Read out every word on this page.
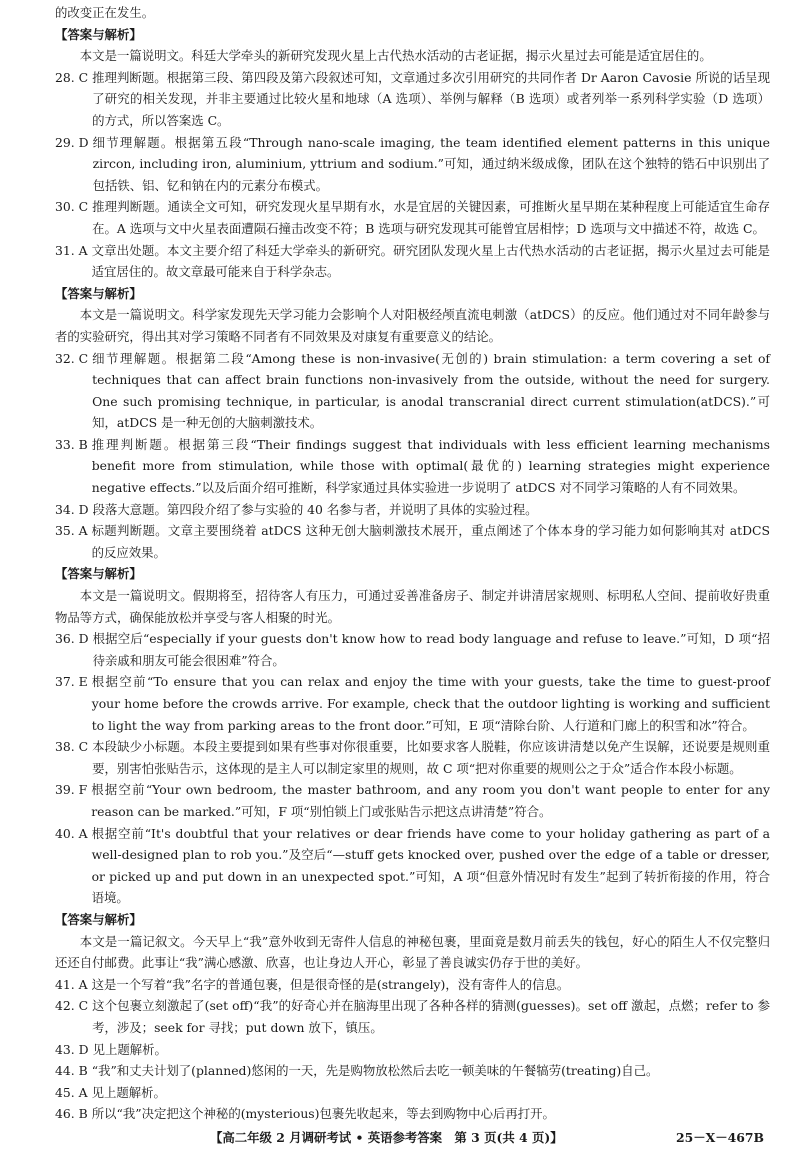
的改变正在发生。

【答案与解析】

本文是一篇说明文。科廷大学牵头的新研究发现火星上古代热水活动的古老证据，揭示火星过去可能是适宜居住的。

28. C 推理判断题。根据第三段、第四段及第六段叙述可知，文章通过多次引用研究的共同作者 Dr Aaron Cavosie 所说的话呈现了研究的相关发现，并非主要通过比较火星和地球（A 选项）、举例与解释（B 选项）或者列举一系列科学实验（D 选项）的方式，所以答案选 C。
29. D 细节理解题。根据第五段“Through nano-scale imaging, the team identified element patterns in this unique zircon, including iron, aluminium, yttrium and sodium.”可知，通过纳米级成像，团队在这个独特的锆石中识别出了包括铁、铝、钇和钠在内的元素分布模式。
30. C 推理判断题。通读全文可知，研究发现火星早期有水，水是宜居的关键因素，可推断火星早期在某种程度上可能适宜生命存在。A 选项与文中火星表面遭陨石撞击改变不符；B 选项与研究发现其可能曾宜居相悖；D 选项与文中描述不符，故选 C。
31. A 文章出处题。本文主要介绍了科廷大学牵头的新研究。研究团队发现火星上古代热水活动的古老证据，揭示火星过去可能是适宜居住的。故文章最可能来自于科学杂志。

【答案与解析】

本文是一篇说明文。科学家发现先天学习能力会影响个人对阳极经颅直流电刺激（atDCS）的反应。他们通过对不同年龄参与者的实验研究，得出其对学习策略不同者有不同效果及对康复有重要意义的结论。

32. C 细节理解题。根据第二段“Among these is non-invasive(无创的) brain stimulation: a term covering a set of techniques that can affect brain functions non-invasively from the outside, without the need for surgery. One such promising technique, in particular, is anodal transcranial direct current stimulation(atDCS).”可知，atDCS 是一种无创的大脑刺激技术。
33. B 推理判断题。根据第三段“Their findings suggest that individuals with less efficient learning mechanisms benefit more from stimulation, while those with optimal(最优的) learning strategies might experience negative effects.”以及后面介绍可推断，科学家通过具体实验进一步说明了 atDCS 对不同学习策略的人有不同效果。
34. D 段落大意题。第四段介绍了参与实验的 40 名参与者，并说明了具体的实验过程。
35. A 标题判断题。文章主要围绕着 atDCS 这种无创大脑刺激技术展开，重点阐述了个体本身的学习能力如何影响其对 atDCS 的反应效果。

【答案与解析】

本文是一篇说明文。假期将至，招待客人有压力，可通过妥善准备房子、制定并讲清居家规则、标明私人空间、提前收好贵重物品等方式，确保能放松并享受与客人相聚的时光。

36. D 根据空后“especially if your guests don't know how to read body language and refuse to leave.”可知，D 项“招待亲戚和朋友可能会很困难”符合。
37. E 根据空前“To ensure that you can relax and enjoy the time with your guests, take the time to guest-proof your home before the crowds arrive. For example, check that the outdoor lighting is working and sufficient to light the way from parking areas to the front door.”可知，E 项“清除台阶、人行道和门廊上的积雪和冰”符合。
38. C 本段缺少小标题。本段主要提到如果有些事对你很重要，比如要求客人脱鞋，你应该讲清楚以免产生误解，还说要是规则重要，别害怕张贴告示，这体现的是主人可以制定家里的规则，故 C 项“把对你重要的规则公之于众”适合作本段小标题。
39. F 根据空前“Your own bedroom, the master bathroom, and any room you don't want people to enter for any reason can be marked.”可知，F 项“别怕锁上门或张贴告示把这点讲清楚”符合。
40. A 根据空前“It's doubtful that your relatives or dear friends have come to your holiday gathering as part of a well-designed plan to rob you.”及空后“—stuff gets knocked over, pushed over the edge of a table or dresser, or picked up and put down in an unexpected spot.”可知，A 项“但意外情况时有发生”起到了转折衔接的作用，符合语境。

【答案与解析】

本文是一篇记叙文。今天早上“我”意外收到无寄件人信息的神秘包裹，里面竟是数月前丢失的钱包，好心的陌生人不仅完整归还还自付邮费。此事让“我”满心感激、欣喜，也让身边人开心，彰显了善良诚实仍存于世的美好。

41. A 这是一个写着“我”名字的普通包裹，但是很奇怪的是(strangely)，没有寄件人的信息。
42. C 这个包裹立刻激起了(set off)“我”的好奇心并在脑海里出现了各种各样的猜测(guesses)。set off 激起，点燃；refer to 参考，涉及；seek for 寻找；put down 放下，镇压。
43. D 见上题解析。
44. B “我”和丈夫计划了(planned)悠闲的一天，先是购物放松然后去吃一顿美味的午餐犒劳(treating)自己。
45. A 见上题解析。
46. B 所以“我”决定把这个神秘的(mysterious)包裹先收起来，等去到购物中心后再打开。
【高二年级 2 月调研考试 • 英语参考答案　第 3 页(共 4 页)】	25－X－467B
